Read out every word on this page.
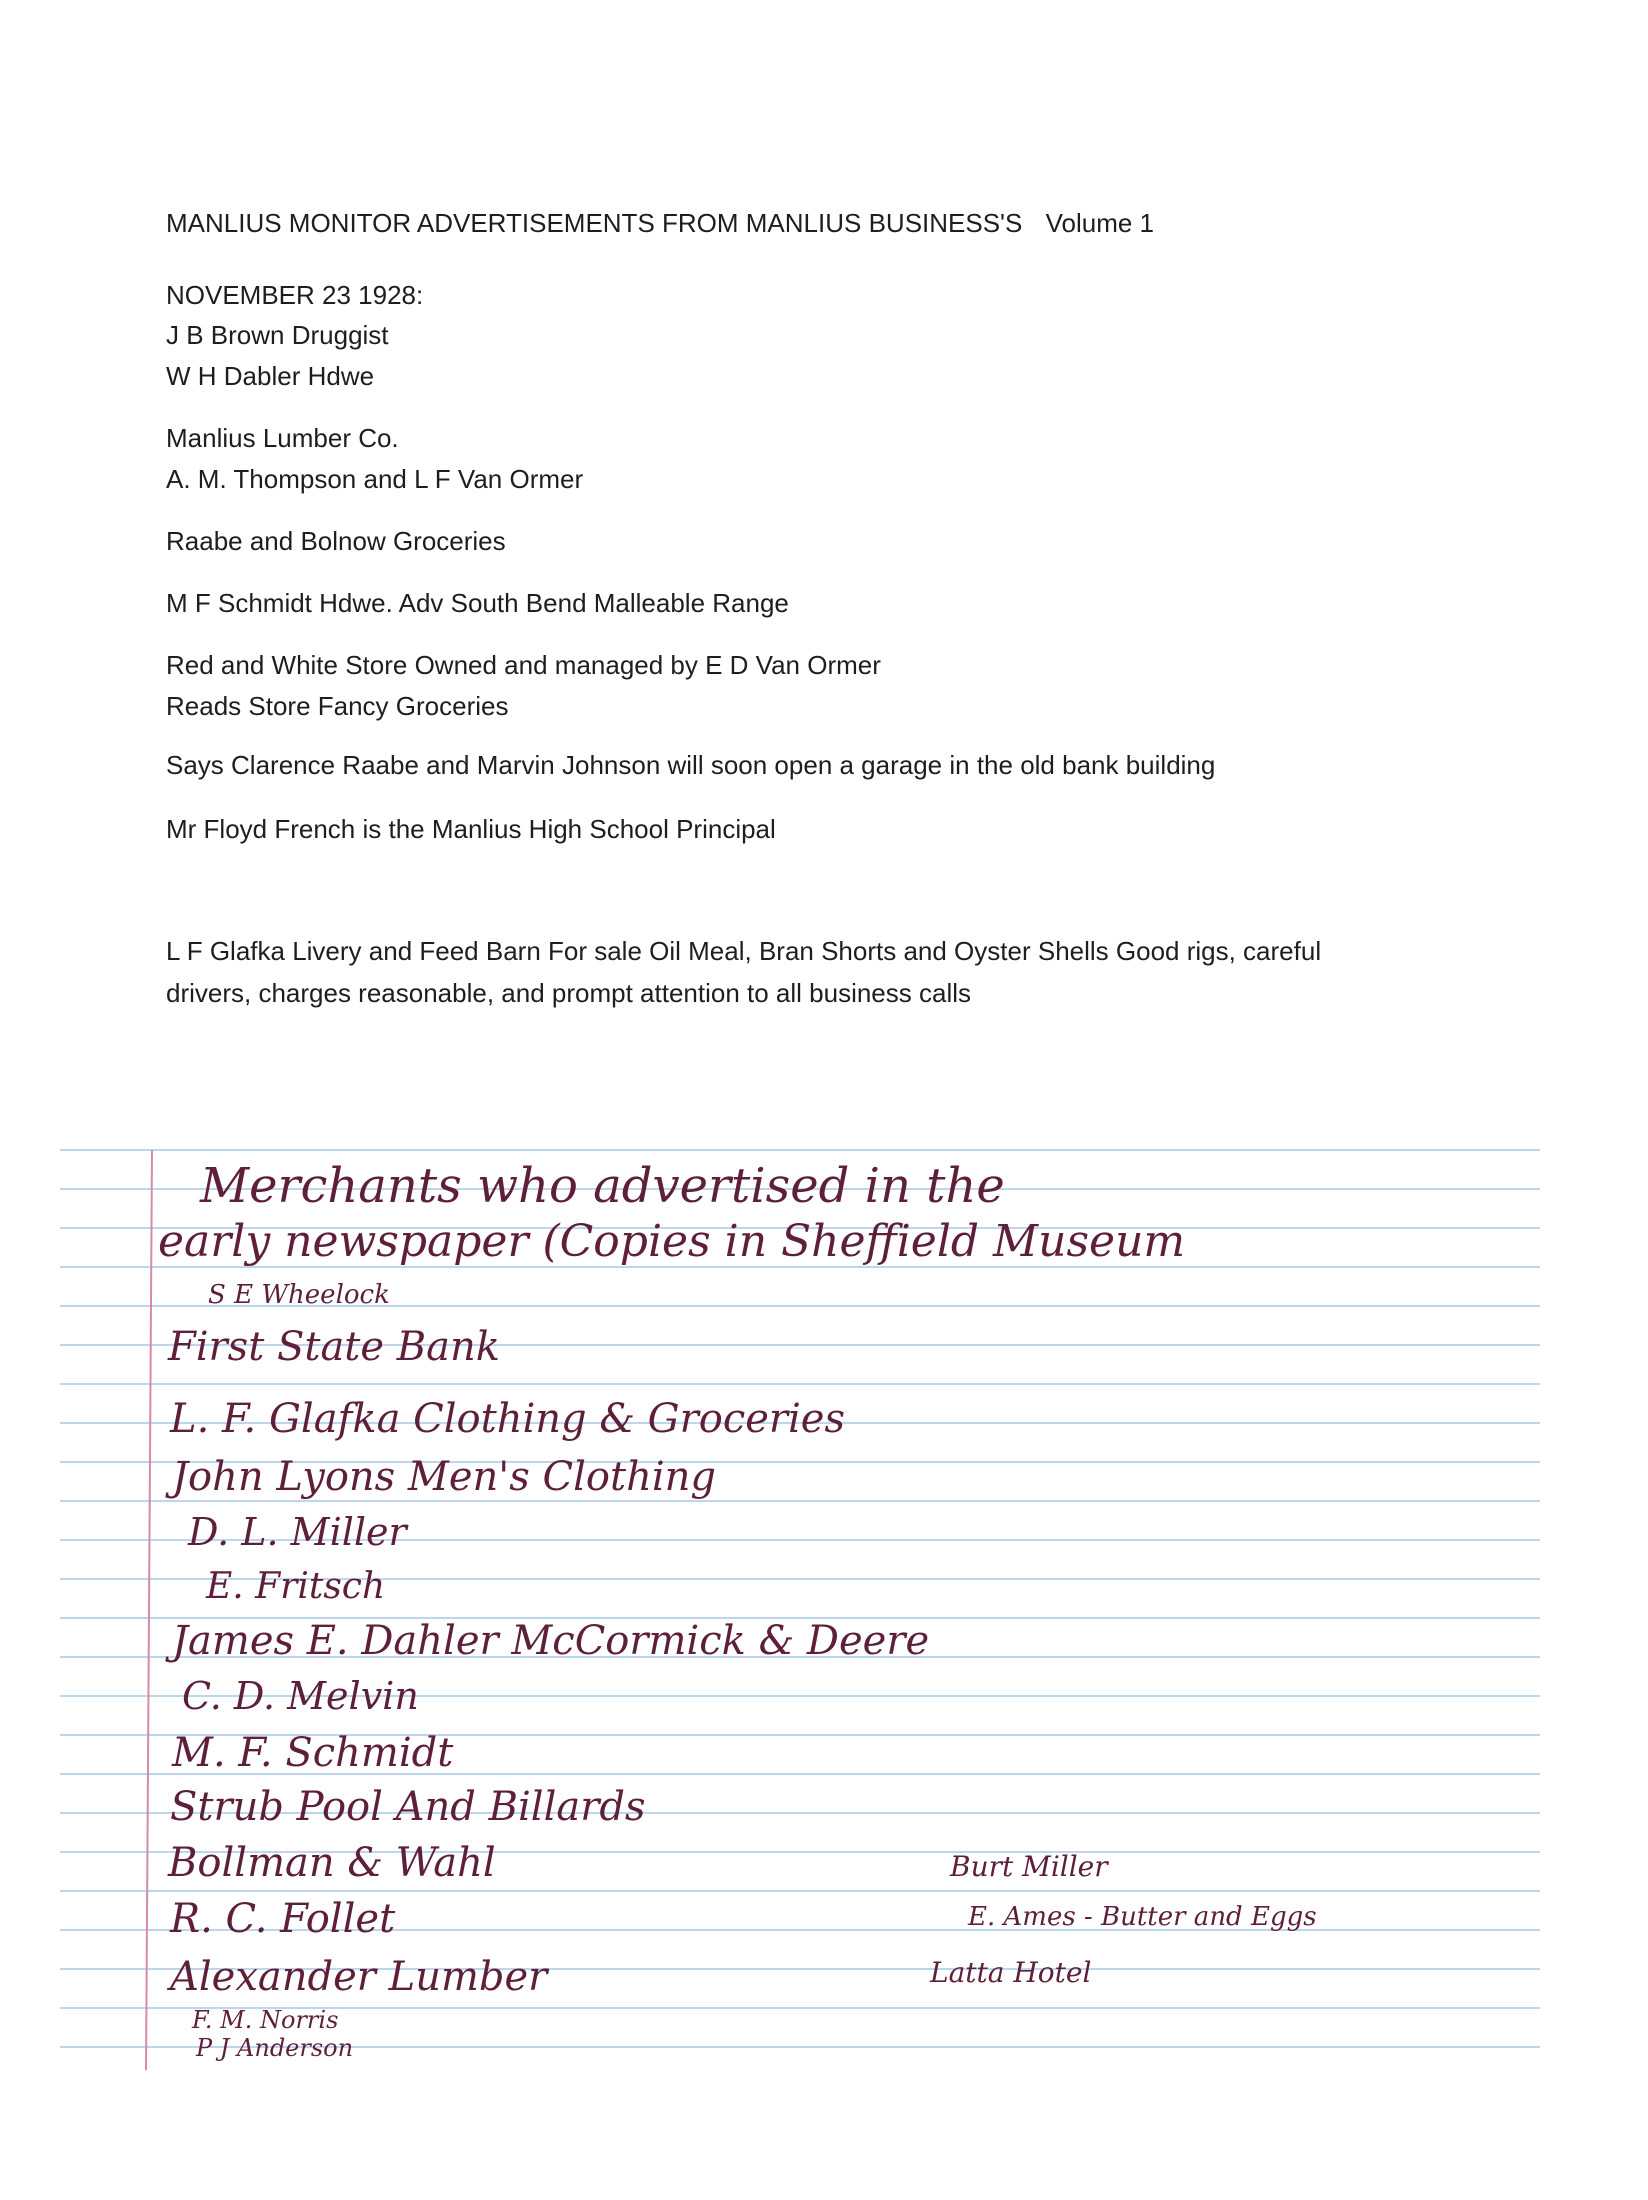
MANLIUS MONITOR ADVERTISEMENTS FROM MANLIUS BUSINESS'S Volume 1
NOVEMBER 23 1928:
J B Brown Druggist
W H Dabler Hdwe
Manlius Lumber Co.
A. M. Thompson and L F Van Ormer
Raabe and Bolnow Groceries
M F Schmidt Hdwe. Adv South Bend Malleable Range
Red and White Store Owned and managed by E D Van Ormer
Reads Store Fancy Groceries
Says Clarence Raabe and Marvin Johnson will soon open a garage in the old bank building
Mr Floyd French is the Manlius High School Principal
L F Glafka Livery and Feed Barn For sale Oil Meal, Bran Shorts and Oyster Shells Good rigs, careful
drivers, charges reasonable, and prompt attention to all business calls
Merchants who advertised in the
early newspaper (Copies in Sheffield Museum
S E Wheelock
First State Bank
L. F. Glafka Clothing & Groceries
John Lyons Men's Clothing
D. L. Miller
E. Fritsch
James E. Dahler McCormick & Deere
C. D. Melvin
M. F. Schmidt
Strub Pool And Billards
Bollman & Wahl
R. C. Follet
Alexander Lumber
F. M. Norris
P J Anderson
Burt Miller
E. Ames - Butter and Eggs
Latta Hotel
